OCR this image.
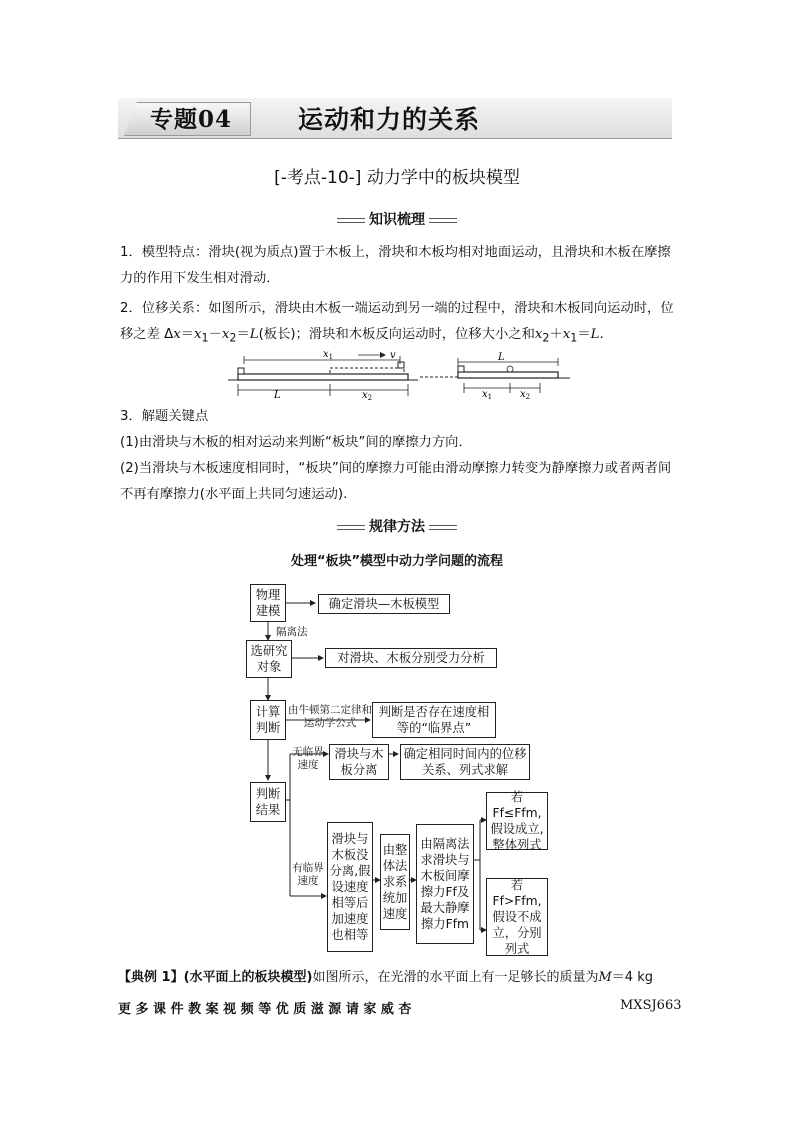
专题04	运动和力的关系
[-考点-10-] 动力学中的板块模型
知识梳理

1．模型特点：滑块(视为质点)置于木板上，滑块和木板均相对地面运动，且滑块和木板在摩擦力的作用下发生相对滑动．

2．位移关系：如图所示，滑块由木板一端运动到另一端的过程中，滑块和木板同向运动时，位移之差 $\Delta x=x_1-x_2=L$(板长)；滑块和木板反向运动时，位移大小之和$x_2+x_1=L$.

$x_1$	v
L	$x_2$
L
$x_1$	$x_2$

3．解题关键点

(1)由滑块与木板的相对运动来判断“板块”间的摩擦力方向．

(2)当滑块与木板速度相同时，“板块”间的摩擦力可能由滑动摩擦力转变为静摩擦力或者两者间不再有摩擦力(水平面上共同匀速运动).

规律方法
处理“板块”模型中动力学问题的流程
物理建模	确定滑块—木板模型
隔离法
选研究对象
对滑块、木板分别受力分析
计算判断
由牛顿第二定律和运动学公式
判断是否存在速度相等的“临界点”
无临界速度
滑块与木板分离
确定相同时间内的位移关系、列式求解
判断结果
有临界速度
滑块与木板没分离,假设速度相等后加速度也相等
由整体法求系统加速度
由隔离法求滑块与木板间摩擦力Ff及最大静摩擦力Ffm
若Ff≤Ffm,假设成立,整体列式
若Ff>Ffm,假设不成立，分别列式
【典例 1】(水平面上的板块模型)如图所示，在光滑的水平面上有一足够长的质量为M＝4 kg
更 多 课 件 教 案 视 频 等 优 质 滋 源 请 家 威 杏	MXSJ663
